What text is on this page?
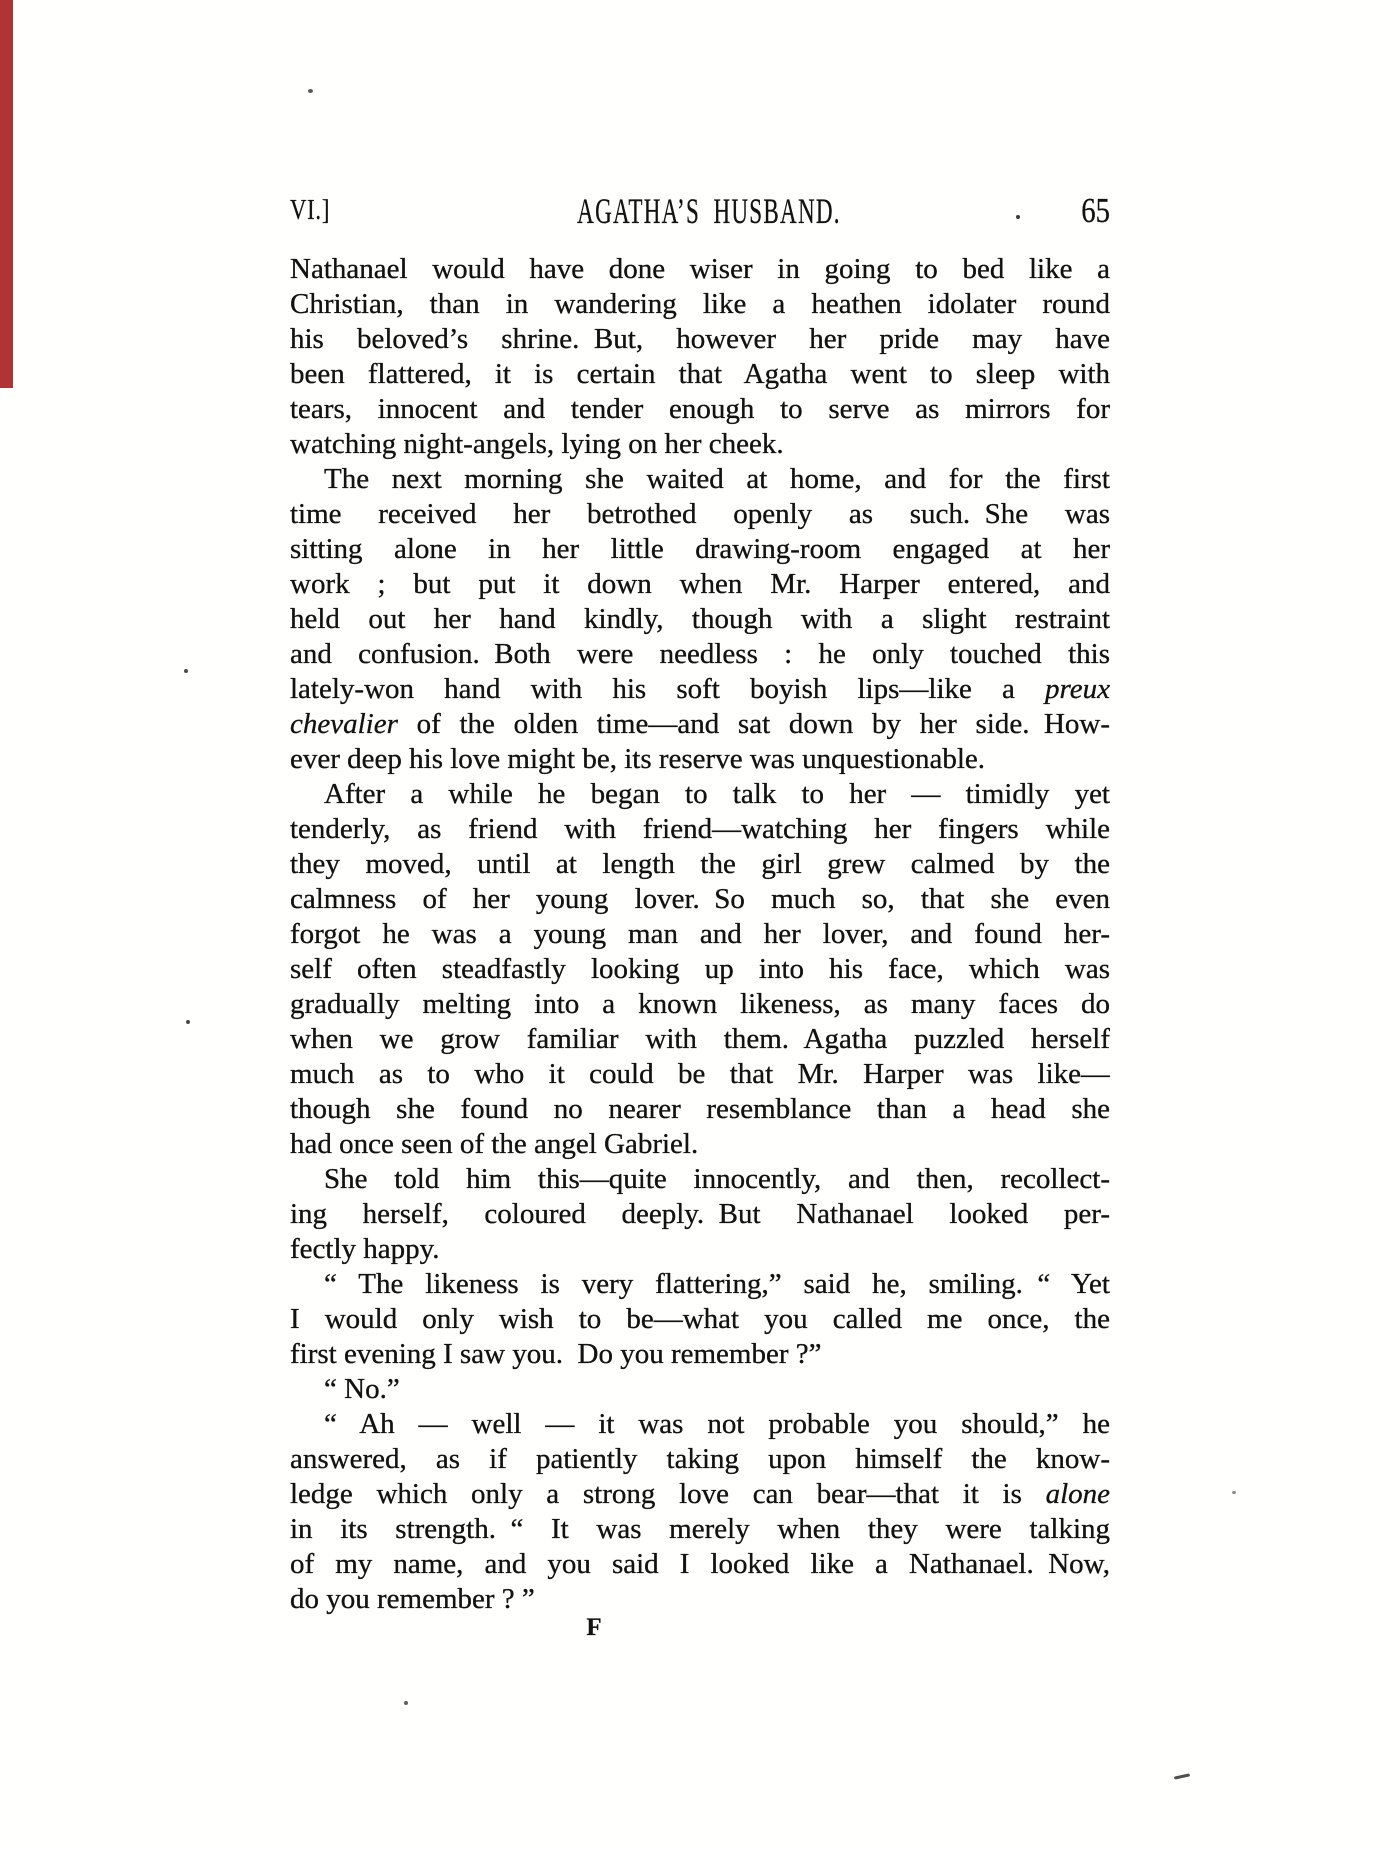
VI.]	AGATHA’S HUSBAND.	65
Nathanael would have done wiser in going to bed like a
Christian, than in wandering like a heathen idolater round
his beloved’s shrine. But, however her pride may have
been flattered, it is certain that Agatha went to sleep with
tears, innocent and tender enough to serve as mirrors for
watching night-angels, lying on her cheek.
The next morning she waited at home, and for the first
time received her betrothed openly as such. She was
sitting alone in her little drawing-room engaged at her
work ; but put it down when Mr. Harper entered, and
held out her hand kindly, though with a slight restraint
and confusion. Both were needless : he only touched this
lately-won hand with his soft boyish lips—like a preux
chevalier of the olden time—and sat down by her side. How-
ever deep his love might be, its reserve was unquestionable.
After a while he began to talk to her — timidly yet
tenderly, as friend with friend—watching her fingers while
they moved, until at length the girl grew calmed by the
calmness of her young lover. So much so, that she even
forgot he was a young man and her lover, and found her-
self often steadfastly looking up into his face, which was
gradually melting into a known likeness, as many faces do
when we grow familiar with them. Agatha puzzled herself
much as to who it could be that Mr. Harper was like—
though she found no nearer resemblance than a head she
had once seen of the angel Gabriel.
She told him this—quite innocently, and then, recollect-
ing herself, coloured deeply. But Nathanael looked per-
fectly happy.
“ The likeness is very flattering,” said he, smiling. “ Yet
I would only wish to be—what you called me once, the
first evening I saw you. Do you remember ?”
“ No.”
“ Ah — well — it was not probable you should,” he
answered, as if patiently taking upon himself the know-
ledge which only a strong love can bear—that it is alone
in its strength. “ It was merely when they were talking
of my name, and you said I looked like a Nathanael. Now,
do you remember ? ”
F
